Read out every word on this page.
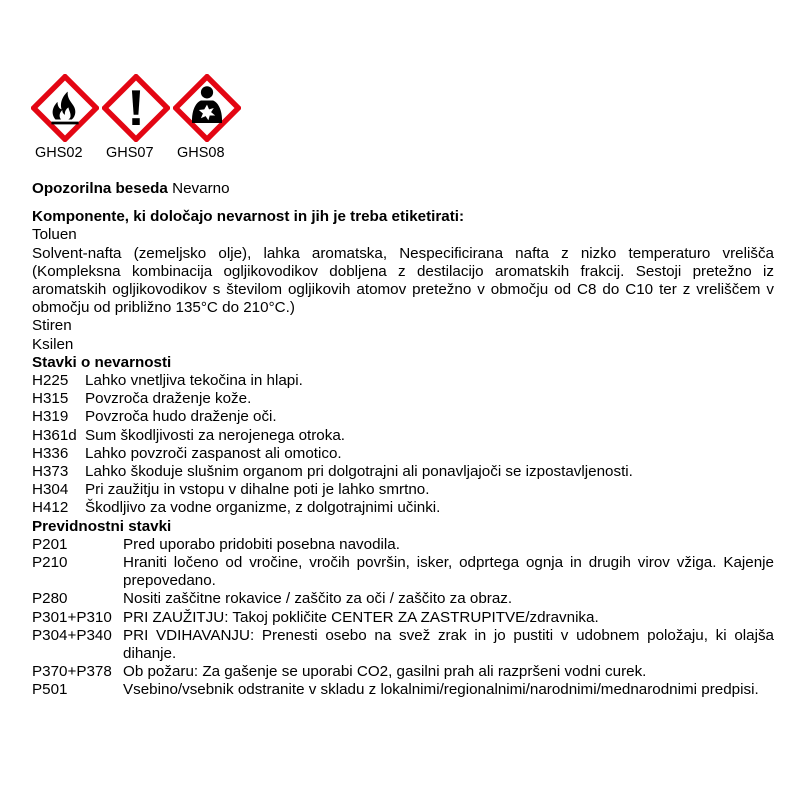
GHS02	GHS07	GHS08
Opozorilna beseda Nevarno
Komponente, ki določajo nevarnost in jih je treba etiketirati:
Toluen
Solvent-nafta (zemeljsko olje), lahka aromatska, Nespecificirana nafta z nizko temperaturo vrelišča (Kompleksna kombinacija ogljikovodikov dobljena z destilacijo aromatskih frakcij. Sestoji pretežno iz aromatskih ogljikovodikov s številom ogljikovih atomov pretežno v območju od C8 do C10 ter z vreliščem v območju od približno 135°C do 210°C.)
Stiren
Ksilen
Stavki o nevarnosti
H225	Lahko vnetljiva tekočina in hlapi.
H315	Povzroča draženje kože.
H319	Povzroča hudo draženje oči.
H361d Sum škodljivosti za nerojenega otroka.
H336	Lahko povzroči zaspanost ali omotico.
H373	Lahko škoduje slušnim organom pri dolgotrajni ali ponavljajoči se izpostavljenosti.
H304	Pri zaužitju in vstopu v dihalne poti je lahko smrtno.
H412	Škodljivo za vodne organizme, z dolgotrajnimi učinki.
Previdnostni stavki
P201	Pred uporabo pridobiti posebna navodila.
P210	Hraniti ločeno od vročine, vročih površin, isker, odprtega ognja in drugih virov vžiga. Kajenje prepovedano.
P280	Nositi zaščitne rokavice / zaščito za oči / zaščito za obraz.
P301+P310 PRI ZAUŽITJU: Takoj pokličite CENTER ZA ZASTRUPITVE/zdravnika.
P304+P340 PRI VDIHAVANJU: Prenesti osebo na svež zrak in jo pustiti v udobnem položaju, ki olajša dihanje.
P370+P378 Ob požaru: Za gašenje se uporabi CO2, gasilni prah ali razpršeni vodni curek.
P501	Vsebino/vsebnik odstranite v skladu z lokalnimi/regionalnimi/narodnimi/mednarodnimi predpisi.
